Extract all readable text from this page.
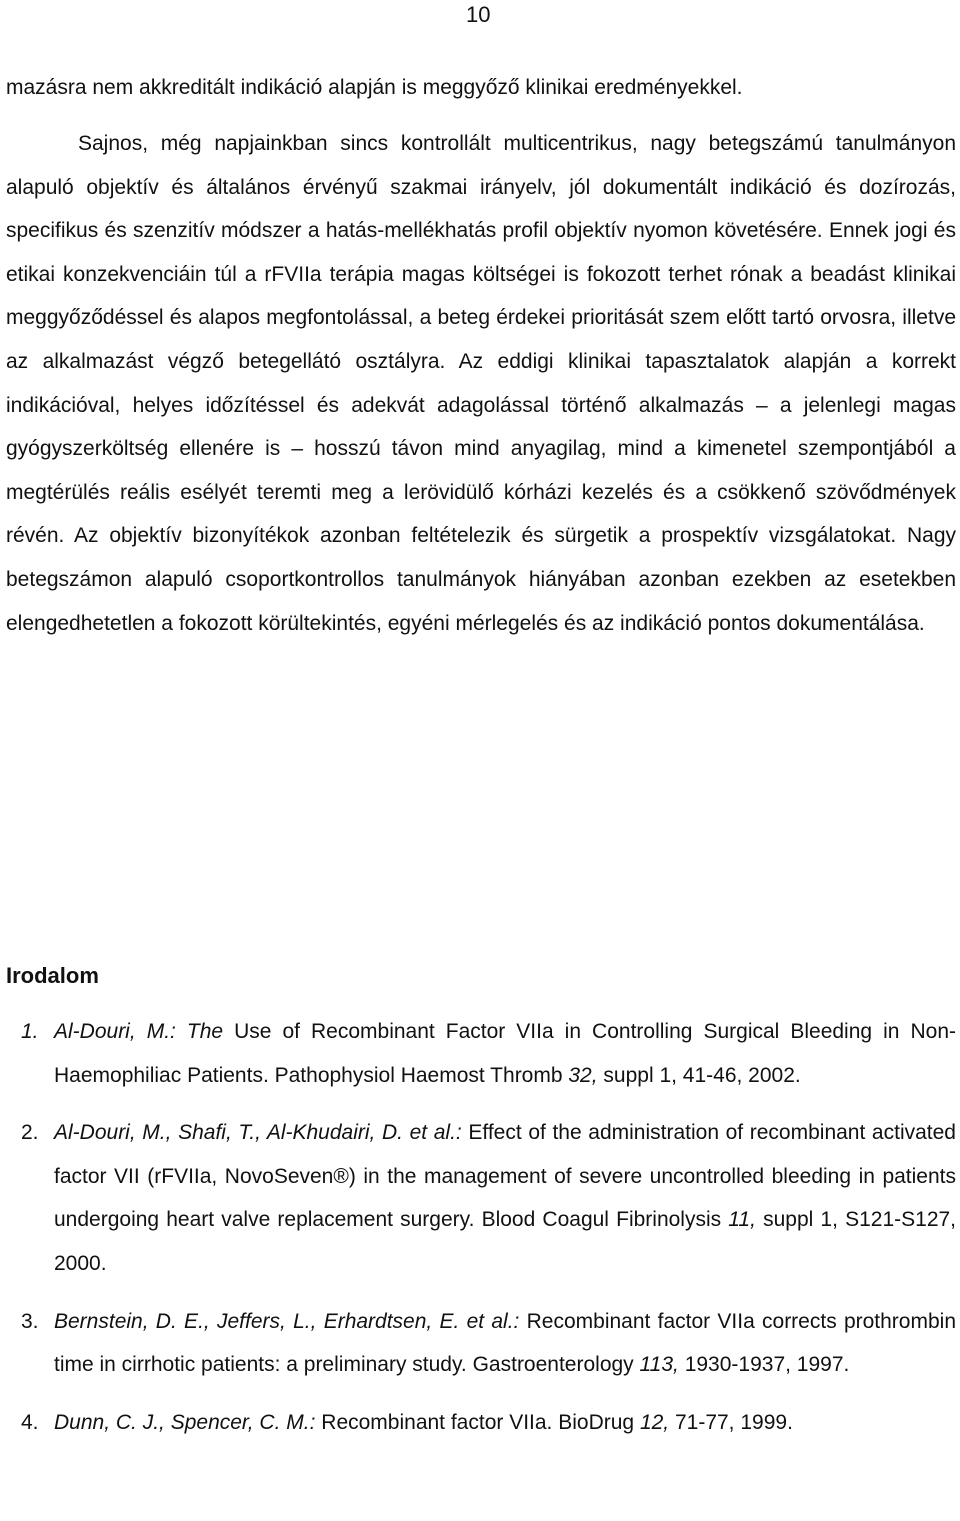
10

mazásra nem akkreditált indikáció alapján is meggyőző klinikai eredményekkel.

Sajnos, még napjainkban sincs kontrollált multicentrikus, nagy betegszámú tanulmányon alapuló objektív és általános érvényű szakmai irányelv, jól dokumentált indikáció és dozírozás, specifikus és szenzitív módszer a hatás-mellékhatás profil objektív nyomon követésére. Ennek jogi és etikai konzekvenciáin túl a rFVIIa terápia magas költségei is fokozott terhet rónak a beadást klinikai meggyőződéssel és alapos megfontolással, a beteg érdekei prioritását szem előtt tartó orvosra, illetve az alkalmazást végző betegellátó osztályra. Az eddigi klinikai tapasztalatok alapján a korrekt indikációval, helyes időzítéssel és adekvát adagolással történő alkalmazás – a jelenlegi magas gyógyszerköltség ellenére is – hosszú távon mind anyagilag, mind a kimenetel szempontjából a megtérülés reális esélyét teremti meg a lerövidülő kórházi kezelés és a csökkenő szövődmények révén. Az objektív bizonyítékok azonban feltételezik és sürgetik a prospektív vizsgálatokat. Nagy betegszámon alapuló csoportkontrollos tanulmányok hiányában azonban ezekben az esetekben elengedhetetlen a fokozott körültekintés, egyéni mérlegelés és az indikáció pontos dokumentálása.

Irodalom
1. Al-Douri, M.: The Use of Recombinant Factor VIIa in Controlling Surgical Bleeding in Non-Haemophiliac Patients. Pathophysiol Haemost Thromb 32, suppl 1, 41-46, 2002.
2. Al-Douri, M., Shafi, T., Al-Khudairi, D. et al.: Effect of the administration of recombinant activated factor VII (rFVIIa, NovoSeven®) in the management of severe uncontrolled bleeding in patients undergoing heart valve replacement surgery. Blood Coagul Fibrinolysis 11, suppl 1, S121-S127, 2000.
3. Bernstein, D. E., Jeffers, L., Erhardtsen, E. et al.: Recombinant factor VIIa corrects prothrombin time in cirrhotic patients: a preliminary study. Gastroenterology 113, 1930-1937, 1997.
4. Dunn, C. J., Spencer, C. M.: Recombinant factor VIIa. BioDrug 12, 71-77, 1999.
